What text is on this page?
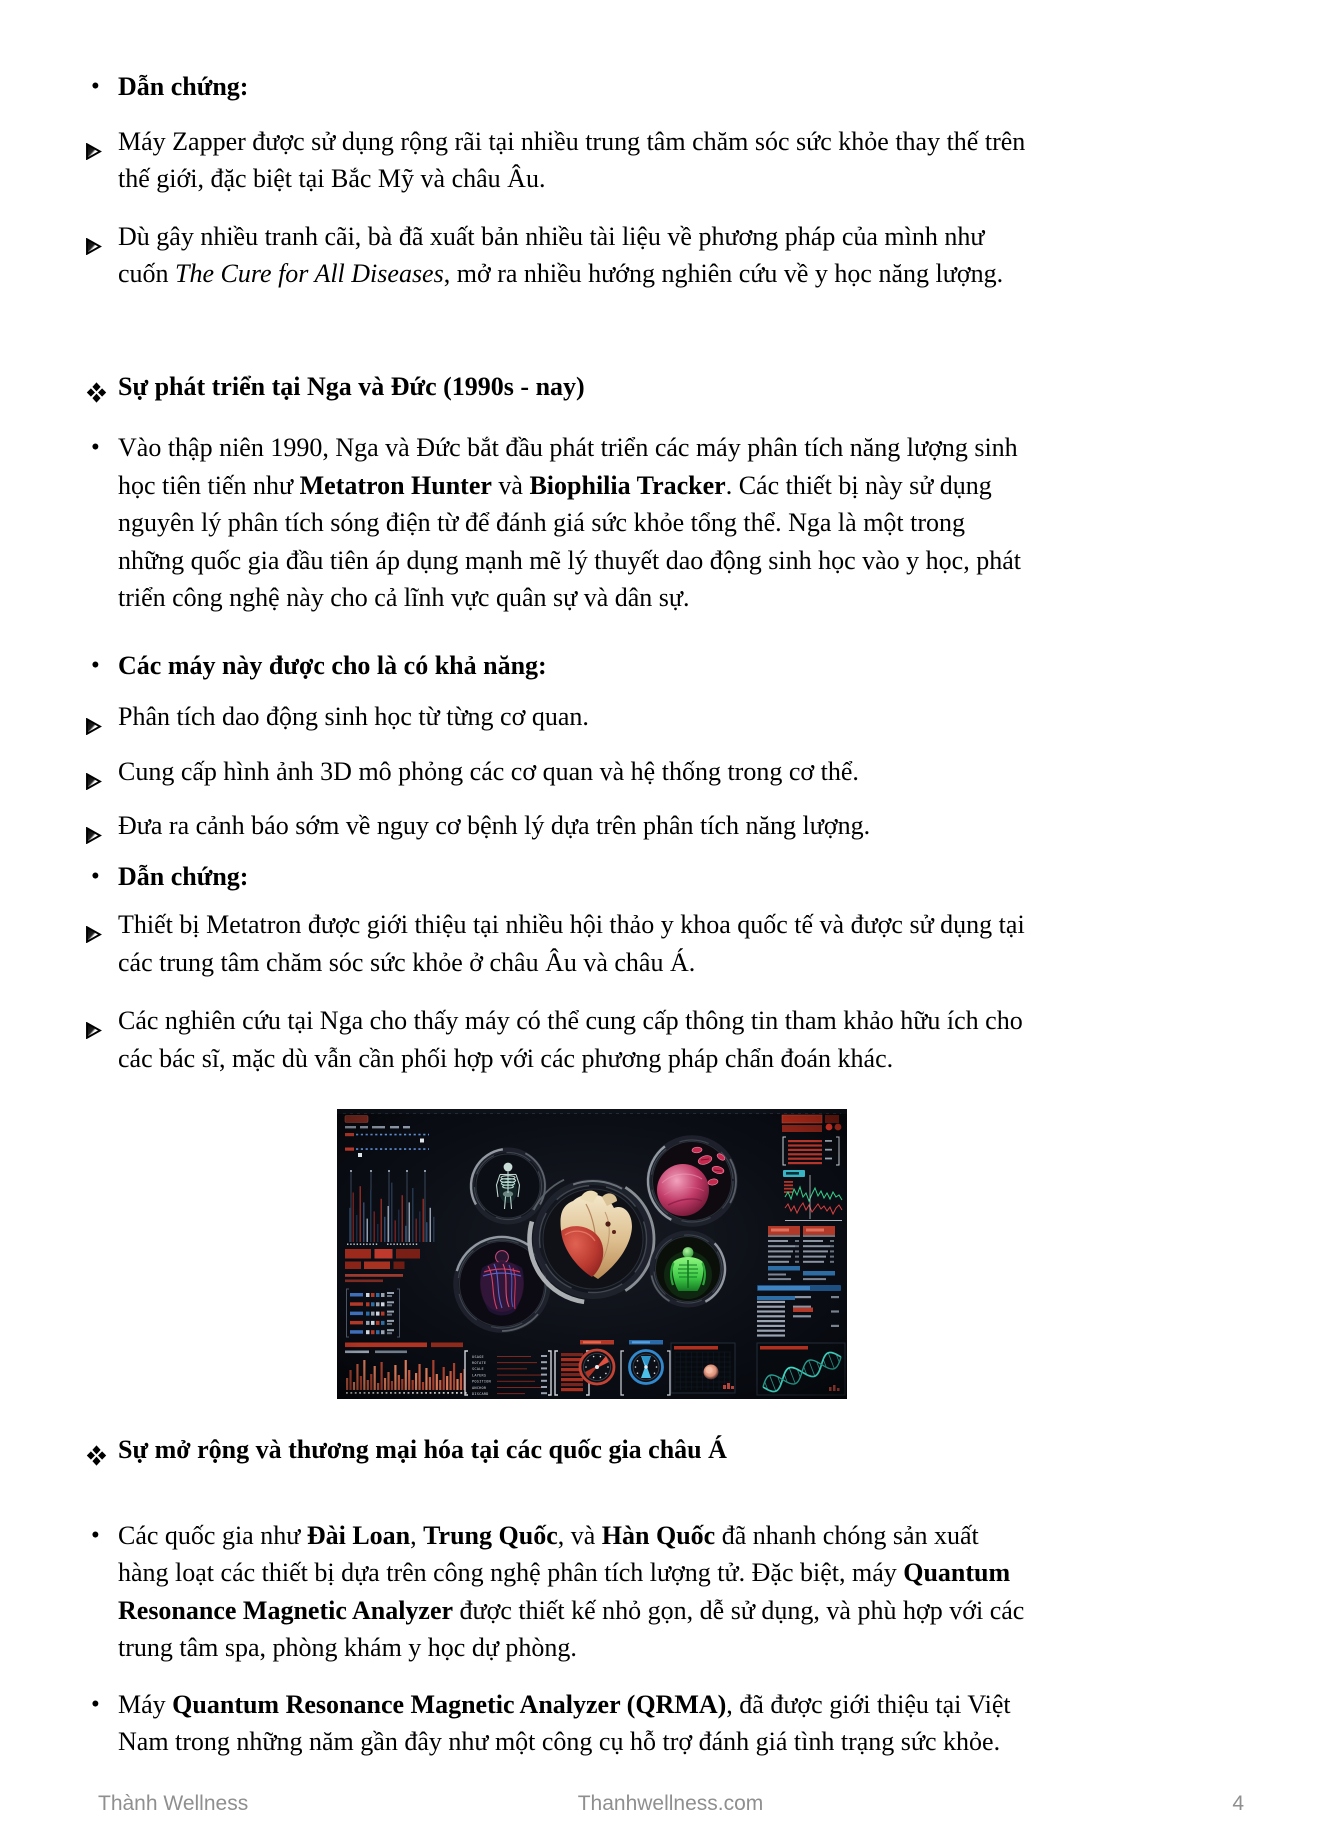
• Dẫn chứng:
Máy Zapper được sử dụng rộng rãi tại nhiều trung tâm chăm sóc sức khỏe thay thế trên thế giới, đặc biệt tại Bắc Mỹ và châu Âu.
Dù gây nhiều tranh cãi, bà đã xuất bản nhiều tài liệu về phương pháp của mình như cuốn The Cure for All Diseases, mở ra nhiều hướng nghiên cứu về y học năng lượng.
Sự phát triển tại Nga và Đức (1990s - nay)
• Vào thập niên 1990, Nga và Đức bắt đầu phát triển các máy phân tích năng lượng sinh học tiên tiến như Metatron Hunter và Biophilia Tracker. Các thiết bị này sử dụng nguyên lý phân tích sóng điện từ để đánh giá sức khỏe tổng thể. Nga là một trong những quốc gia đầu tiên áp dụng mạnh mẽ lý thuyết dao động sinh học vào y học, phát triển công nghệ này cho cả lĩnh vực quân sự và dân sự.
• Các máy này được cho là có khả năng:
Phân tích dao động sinh học từ từng cơ quan.
Cung cấp hình ảnh 3D mô phỏng các cơ quan và hệ thống trong cơ thể.
Đưa ra cảnh báo sớm về nguy cơ bệnh lý dựa trên phân tích năng lượng.
• Dẫn chứng:
Thiết bị Metatron được giới thiệu tại nhiều hội thảo y khoa quốc tế và được sử dụng tại các trung tâm chăm sóc sức khỏe ở châu Âu và châu Á.
Các nghiên cứu tại Nga cho thấy máy có thể cung cấp thông tin tham khảo hữu ích cho các bác sĩ, mặc dù vẫn cần phối hợp với các phương pháp chẩn đoán khác.
Sự mở rộng và thương mại hóa tại các quốc gia châu Á
• Các quốc gia như Đài Loan, Trung Quốc, và Hàn Quốc đã nhanh chóng sản xuất hàng loạt các thiết bị dựa trên công nghệ phân tích lượng tử. Đặc biệt, máy Quantum Resonance Magnetic Analyzer được thiết kế nhỏ gọn, dễ sử dụng, và phù hợp với các trung tâm spa, phòng khám y học dự phòng.
• Máy Quantum Resonance Magnetic Analyzer (QRMA), đã được giới thiệu tại Việt Nam trong những năm gần đây như một công cụ hỗ trợ đánh giá tình trạng sức khỏe.
Thành Wellness	Thanhwellness.com	4
